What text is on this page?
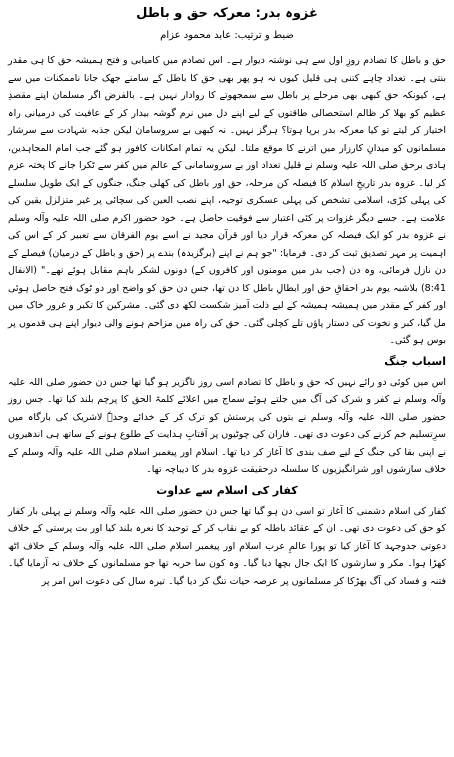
غزوہ بدر: معرکہ حق و باطل
ضبط و ترتیب: عابد محمود عزام

حق و باطل کا تصادم روزِ اول سے ہی نوشتہ دیوار ہے۔ اس تصادم میں کامیابی و فتح ہمیشہ حق کا ہی مقدر بنتی ہے۔ تعداد چاہے کتنی ہی قلیل کیوں نہ ہو پھر بھی حق کا باطل کے سامنے جھک جانا ناممکنات میں سے ہے، کیونکہ حق کبھی بھی مرحلے پر باطل سے سمجھوتے کا روادار نہیں ہے۔ بالفرض اگر مسلمان اپنے مقصدِ عظیم کو بھلا کر ظالم استحصالی طاقتوں کے لیے اپنے دل میں نرم گوشہ بیدار کر کے عافیت کی درمیانی راہ اختیار کر لیتے تو کیا معرکہ بدر برپا ہوتا؟ ہرگز نہیں۔ نہ کبھی بے سروسامان لیکن جذبہ شہادت سے سرشار مسلمانوں کو میدانِ کارزار میں اترنے کا موقع ملتا۔ لیکن یہ تمام امکانات کافور ہو گئے جب امام المجاہدین، ہادی برحق صلی اللہ علیہ وسلم نے قلیل تعداد اور بے سروسامانی کے عالم میں کفر سے ٹکرا جانے کا پختہ عزم کر لیا۔ غزوہ بدر تاریخِ اسلام کا فیصلہ کن مرحلہ، حق اور باطل کی کھلی جنگ، جنگوں کے ایک طویل سلسلے کی پہلی کڑی، اسلامی تشخص کی پہلی عسکری توجیہ، اپنے نصب العین کی سچائی پر غیر متزلزل یقین کی علامت ہے۔ جسے دیگر غزوات پر کئی اعتبار سے فوقیت حاصل ہے۔ خود حضور اکرم صلی اللہ علیہ وآلہ وسلم نے غزوہ بدر کو ایک فیصلہ کن معرکہ قرار دیا اور قرآن مجید نے اسے یوم الفرقان سے تعبیر کر کے اس کی اہمیت پر مہر تصدیق ثبت کر دی۔ فرمایا: "جو ہم نے اپنے (برگزیدہ) بندے پر (حق و باطل کے درمیان) فیصلے کے دن نازل فرمائی، وہ دن (جب بدر میں مومنوں اور کافروں کے) دونوں لشکر باہم مقابل ہوئے تھے۔" (الانفال 8:41) بلاشبہ یوم بدر احقاقِ حق اور ابطالِ باطل کا دن تھا، جس دن حق کو واضح اور دو ٹوک فتح حاصل ہوئی اور کفر کے مقدر میں ہمیشہ ہمیشہ کے لیے ذلت آمیز شکست لکھ دی گئی۔ مشرکین کا تکبر و غرور خاک میں مل گیا، کبر و نخوت کی دستار پاؤں تلے کچلی گئی۔ حق کی راہ میں مزاحم ہونے والی دیوار اپنے ہی قدموں پر بوس ہو گئی۔

اسباب جنگ

اس میں کوئی دو رائے نہیں کہ حق و باطل کا تصادم اسی روز ناگزیر ہو گیا تھا جس دن حضور صلی اللہ علیہ وآلہ وسلم نے کفر و شرک کی آگ میں جلتے ہوئے سماج میں اعلائے کلمۃ الحق کا پرچم بلند کیا تھا۔ جس روز حضور صلی اللہ علیہ وآلہ وسلم نے بتوں کی پرستش کو ترک کر کے خدائے وحدہٗ لاشریک کی بارگاہ میں سرِتسلیم خم کرنے کی دعوت دی تھی۔ فاران کی چوٹیوں پر آفتابِ ہدایت کے طلوع ہونے کے ساتھ ہی اندھیروں نے اپنی بقا کی جنگ کے لیے صف بندی کا آغاز کر دیا تھا۔ اسلام اور پیغمبر اسلام صلی اللہ علیہ وآلہ وسلم کے خلاف سازشوں اور شرانگیزیوں کا سلسلہ درحقیقت غزوہ بدر کا دیباچہ تھا۔

کفار کی اسلام سے عداوت

کفار کی اسلام دشمنی کا آغاز تو اسی دن ہو گیا تھا جس دن حضور صلی اللہ علیہ وآلہ وسلم نے پہلی بار کفار کو حق کی دعوت دی تھی۔ ان کے عقائد باطلہ کو بے نقاب کر کے توحید کا نعرہ بلند کیا اور بت پرستی کے خلاف دعوتی جدوجہد کا آغاز کیا تو پورا عالمِ عرب اسلام اور پیغمبر اسلام صلی اللہ علیہ وآلہ وسلم کے خلاف اٹھ کھڑا ہوا۔ مکر و سازشوں کا ایک جال بچھا دیا گیا۔ وہ کون سا حربہ تھا جو مسلمانوں کے خلاف نہ آزمایا گیا۔ فتنہ و فساد کی آگ بھڑکا کر مسلمانوں پر عرصہ حیات تنگ کر دیا گیا۔ تیرہ سال کی دعوت اس امر پر
